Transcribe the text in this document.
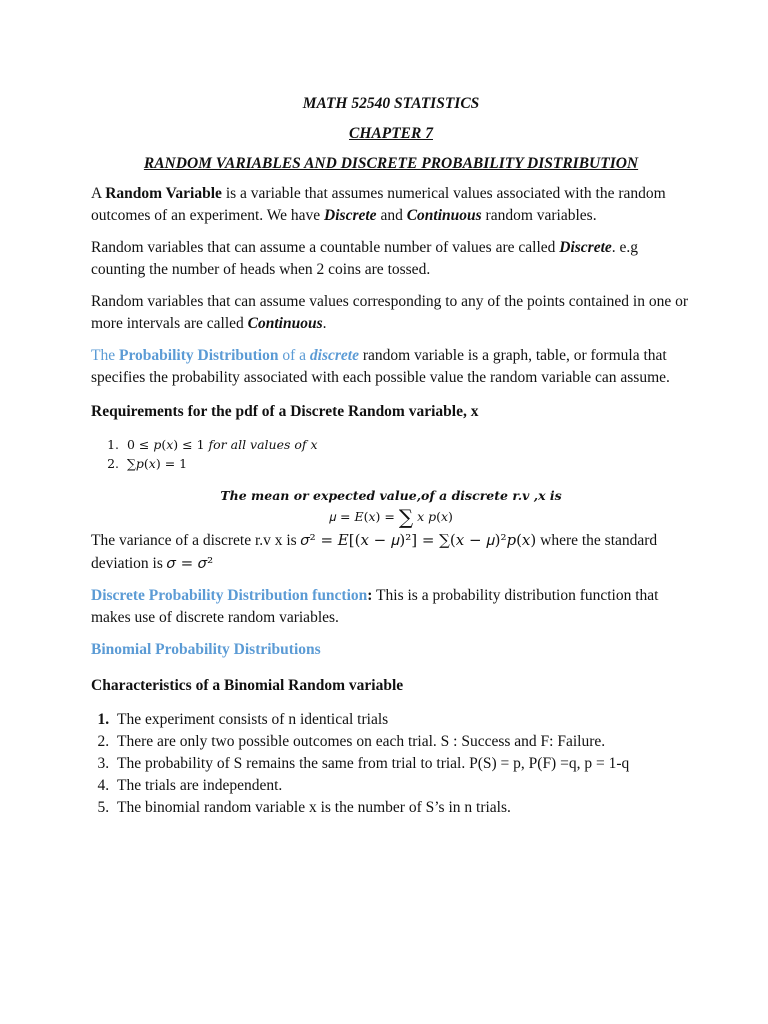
MATH 52540 STATISTICS
CHAPTER 7
RANDOM VARIABLES AND DISCRETE PROBABILITY DISTRIBUTION

A Random Variable is a variable that assumes numerical values associated with the random outcomes of an experiment. We have Discrete and Continuous random variables.

Random variables that can assume a countable number of values are called Discrete. e.g counting the number of heads when 2 coins are tossed.

Random variables that can assume values corresponding to any of the points contained in one or more intervals are called Continuous.

The Probability Distribution of a discrete random variable is a graph, table, or formula that specifies the probability associated with each possible value the random variable can assume.

Requirements for the pdf of a Discrete Random variable, x
1. 0 ≤ 𝑝(𝑥) ≤ 1 𝑓𝑜𝑟 𝑎𝑙𝑙 𝑣𝑎𝑙𝑢𝑒𝑠 𝑜𝑓 𝑥
2. ∑𝑝(𝑥) = 1
The mean or expected value,of a discrete r.v ,x is
𝜇 = 𝐸(𝑥) = ∑ 𝑥 𝑝(𝑥)

The variance of a discrete r.v x is 𝜎² = 𝐸[(𝑥 − 𝜇)²] = ∑(𝑥 − 𝜇)²𝑝(𝑥) where the standard deviation is 𝜎 = 𝜎²

Discrete Probability Distribution function: This is a probability distribution function that makes use of discrete random variables.

Binomial Probability Distributions
Characteristics of a Binomial Random variable
1. The experiment consists of n identical trials
2. There are only two possible outcomes on each trial. S : Success and F: Failure.
3. The probability of S remains the same from trial to trial. P(S) = p, P(F) =q, p = 1-q
4. The trials are independent.
5. The binomial random variable x is the number of S’s in n trials.
